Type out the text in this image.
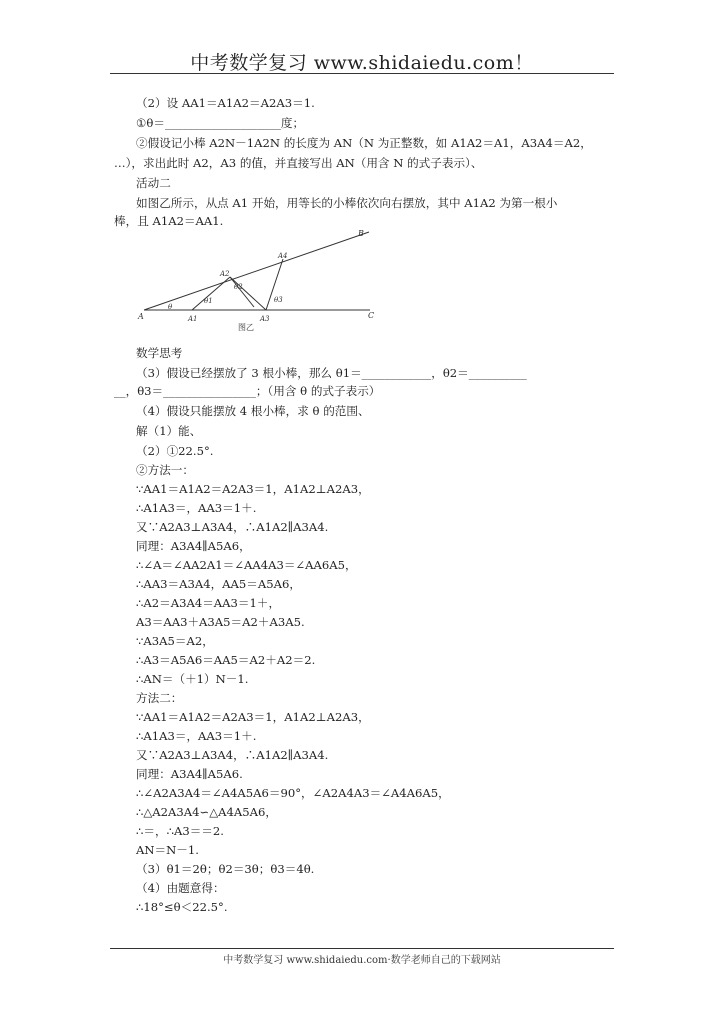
中考数学复习 www.shidaiedu.com！
（2）设 AA1＝A1A2＝A2A3＝1.
①θ＝____________________度；
②假设记小棒 A2N－1A2N 的长度为 AN（N 为正整数，如 A1A2＝A1，A3A4＝A2，
…），求出此时 A2，A3 的值，并直接写出 AN（用含 N 的式子表示）、
活动二
如图乙所示，从点 A1 开始，用等长的小棒依次向右摆放，其中 A1A2 为第一根小
棒，且 A1A2＝AA1.
A	A1
A2
A3
A4
B
C
θ
θ1
θ2
θ3
图乙
数学思考
（3）假设已经摆放了 3 根小棒，那么 θ1＝____________，θ2＝__________
__，θ3＝________________；（用含 θ 的式子表示）
（4）假设只能摆放 4 根小棒，求 θ 的范围、
解（1）能、
（2）①22.5°.
②方法一：
∵AA1＝A1A2＝A2A3＝1，A1A2⊥A2A3，
∴A1A3＝，AA3＝1＋.
又∵A2A3⊥A3A4，∴A1A2∥A3A4.
同理：A3A4∥A5A6，
∴∠A＝∠AA2A1＝∠AA4A3＝∠AA6A5，
∴AA3＝A3A4，AA5＝A5A6，
∴A2＝A3A4＝AA3＝1＋，
A3＝AA3＋A3A5＝A2＋A3A5.
∵A3A5＝A2，
∴A3＝A5A6＝AA5＝A2＋A2＝2.
∴AN＝（＋1）N－1.
方法二：
∵AA1＝A1A2＝A2A3＝1，A1A2⊥A2A3，
∴A1A3＝，AA3＝1＋.
又∵A2A3⊥A3A4，∴A1A2∥A3A4.
同理：A3A4∥A5A6.
∴∠A2A3A4＝∠A4A5A6＝90°，∠A2A4A3＝∠A4A6A5，
∴△A2A3A4∽△A4A5A6，
∴＝，∴A3＝＝2.
AN＝N－1.
（3）θ1＝2θ；θ2＝3θ；θ3＝4θ.
（4）由题意得：
∴18°≤θ＜22.5°.
中考数学复习 www.shidaiedu.com·数学老师自己的下载网站
